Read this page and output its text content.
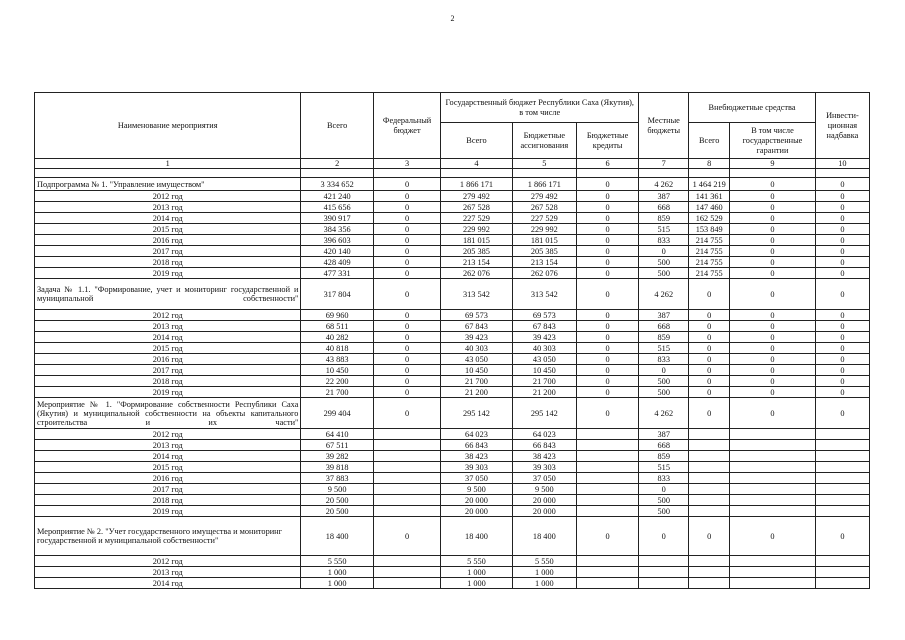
2
Наименование мероприятия	Всего	Федеральный бюджет	Государственный бюджет Республики Саха (Якутия), в том числе			Местные бюджеты	Внебюджетные средства		Инвести-ционная надбавка
			Всего	Бюджетные ассигнования	Бюджетные кредиты		Всего	В том числе государственные гарантии	
1	2	3	4	5	6	7	8	9	10

Подпрограмма № 1. "Управление имуществом"	3 334 652	0	1 866 171	1 866 171	0	4 262	1 464 219	0	0
2012 год	421 240	0	279 492	279 492	0	387	141 361	0	0
2013 год	415 656	0	267 528	267 528	0	668	147 460	0	0
2014 год	390 917	0	227 529	227 529	0	859	162 529	0	0
2015 год	384 356	0	229 992	229 992	0	515	153 849	0	0
2016 год	396 603	0	181 015	181 015	0	833	214 755	0	0
2017 год	420 140	0	205 385	205 385	0	0	214 755	0	0
2018 год	428 409	0	213 154	213 154	0	500	214 755	0	0
2019 год	477 331	0	262 076	262 076	0	500	214 755	0	0
Задача № 1.1. "Формирование, учет и мониторинг государственной и муниципальной собственности"	317 804	0	313 542	313 542	0	4 262	0	0	0
2012 год	69 960	0	69 573	69 573	0	387	0	0	0
2013 год	68 511	0	67 843	67 843	0	668	0	0	0
2014 год	40 282	0	39 423	39 423	0	859	0	0	0
2015 год	40 818	0	40 303	40 303	0	515	0	0	0
2016 год	43 883	0	43 050	43 050	0	833	0	0	0
2017 год	10 450	0	10 450	10 450	0	0	0	0	0
2018 год	22 200	0	21 700	21 700	0	500	0	0	0
2019 год	21 700	0	21 200	21 200	0	500	0	0	0
Мероприятие № 1. "Формирование собственности Республики Саха (Якутия) и муниципальной собственности на объекты капитального строительства и их части"	299 404	0	295 142	295 142	0	4 262	0	0	0
2012 год	64 410		64 023	64 023		387			
2013 год	67 511		66 843	66 843		668			
2014 год	39 282		38 423	38 423		859			
2015 год	39 818		39 303	39 303		515			
2016 год	37 883		37 050	37 050		833			
2017 год	9 500		9 500	9 500		0			
2018 год	20 500		20 000	20 000		500			
2019 год	20 500		20 000	20 000		500			
Мероприятие № 2. "Учет государственного имущества и мониторинг государственной и муниципальной собственности"	18 400	0	18 400	18 400	0	0	0	0	0
2012 год	5 550		5 550	5 550					
2013 год	1 000		1 000	1 000					
2014 год	1 000		1 000	1 000					
